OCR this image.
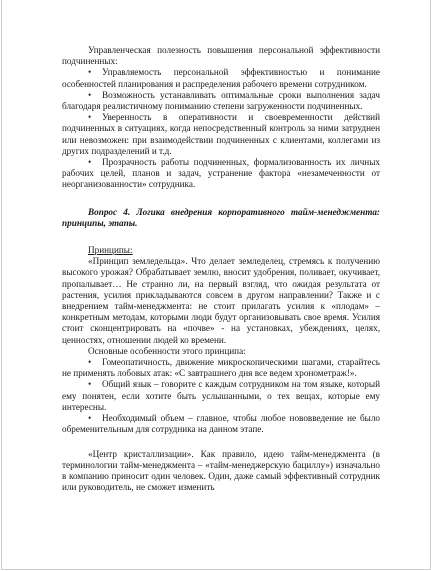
Управленческая полезность повышения персональной эффективности подчиненных:

• Управляемость персональной эффективностью и понимание особенностей планирования и распределения рабочего времени сотрудником.

• Возможность устанавливать оптимальные сроки выполнения задач благодаря реалистичному пониманию степени загруженности подчиненных.

• Уверенность в оперативности и своевременности действий подчиненных в ситуациях, когда непосредственный контроль за ними затруднен или невозможен: при взаимодействии подчиненных с клиентами, коллегами из других подразделений и т.д.

• Прозрачность работы подчиненных, формализованность их личных рабочих целей, планов и задач, устранение фактора «незамеченности от неорганизованности» сотрудника.

Вопрос 4. Логика внедрения корпоративного тайм-менеджмента: принципы, этапы.

Принципы:

«Принцип земледельца». Что делает земледелец, стремясь к получению высокого урожая? Обрабатывает землю, вносит удобрения, поливает, окучивает, пропалывает… Не странно ли, на первый взгляд, что ожидая результата от растения, усилия прикладываются совсем в другом направлении? Также и с внедрением тайм-менеджмента: не стоит прилагать усилия к «плодам» – конкретным методам, которыми люди будут организовывать свое время. Усилия стоит сконцентрировать на «почве» - на установках, убеждениях, целях, ценностях, отношении людей ко времени.

Основные особенности этого принципа:

• Гомеопатичность, движение микроскопическими шагами, старайтесь не применять лобовых атак: «С завтрашнего дня все ведем хронометраж!».

• Общий язык – говорите с каждым сотрудником на том языке, который ему понятен, если хотите быть услышанными, о тех вещах, которые ему интересны.

• Необходимый объем – главное, чтобы любое нововведение не было обременительным для сотрудника на данном этапе.

«Центр кристаллизации». Как правило, идею тайм-менеджмента (в терминологии тайм-менеджмента – «тайм-менеджерскую бациллу») изначально в компанию приносит один человек. Один, даже самый эффективный сотрудник или руководитель, не сможет изменить
